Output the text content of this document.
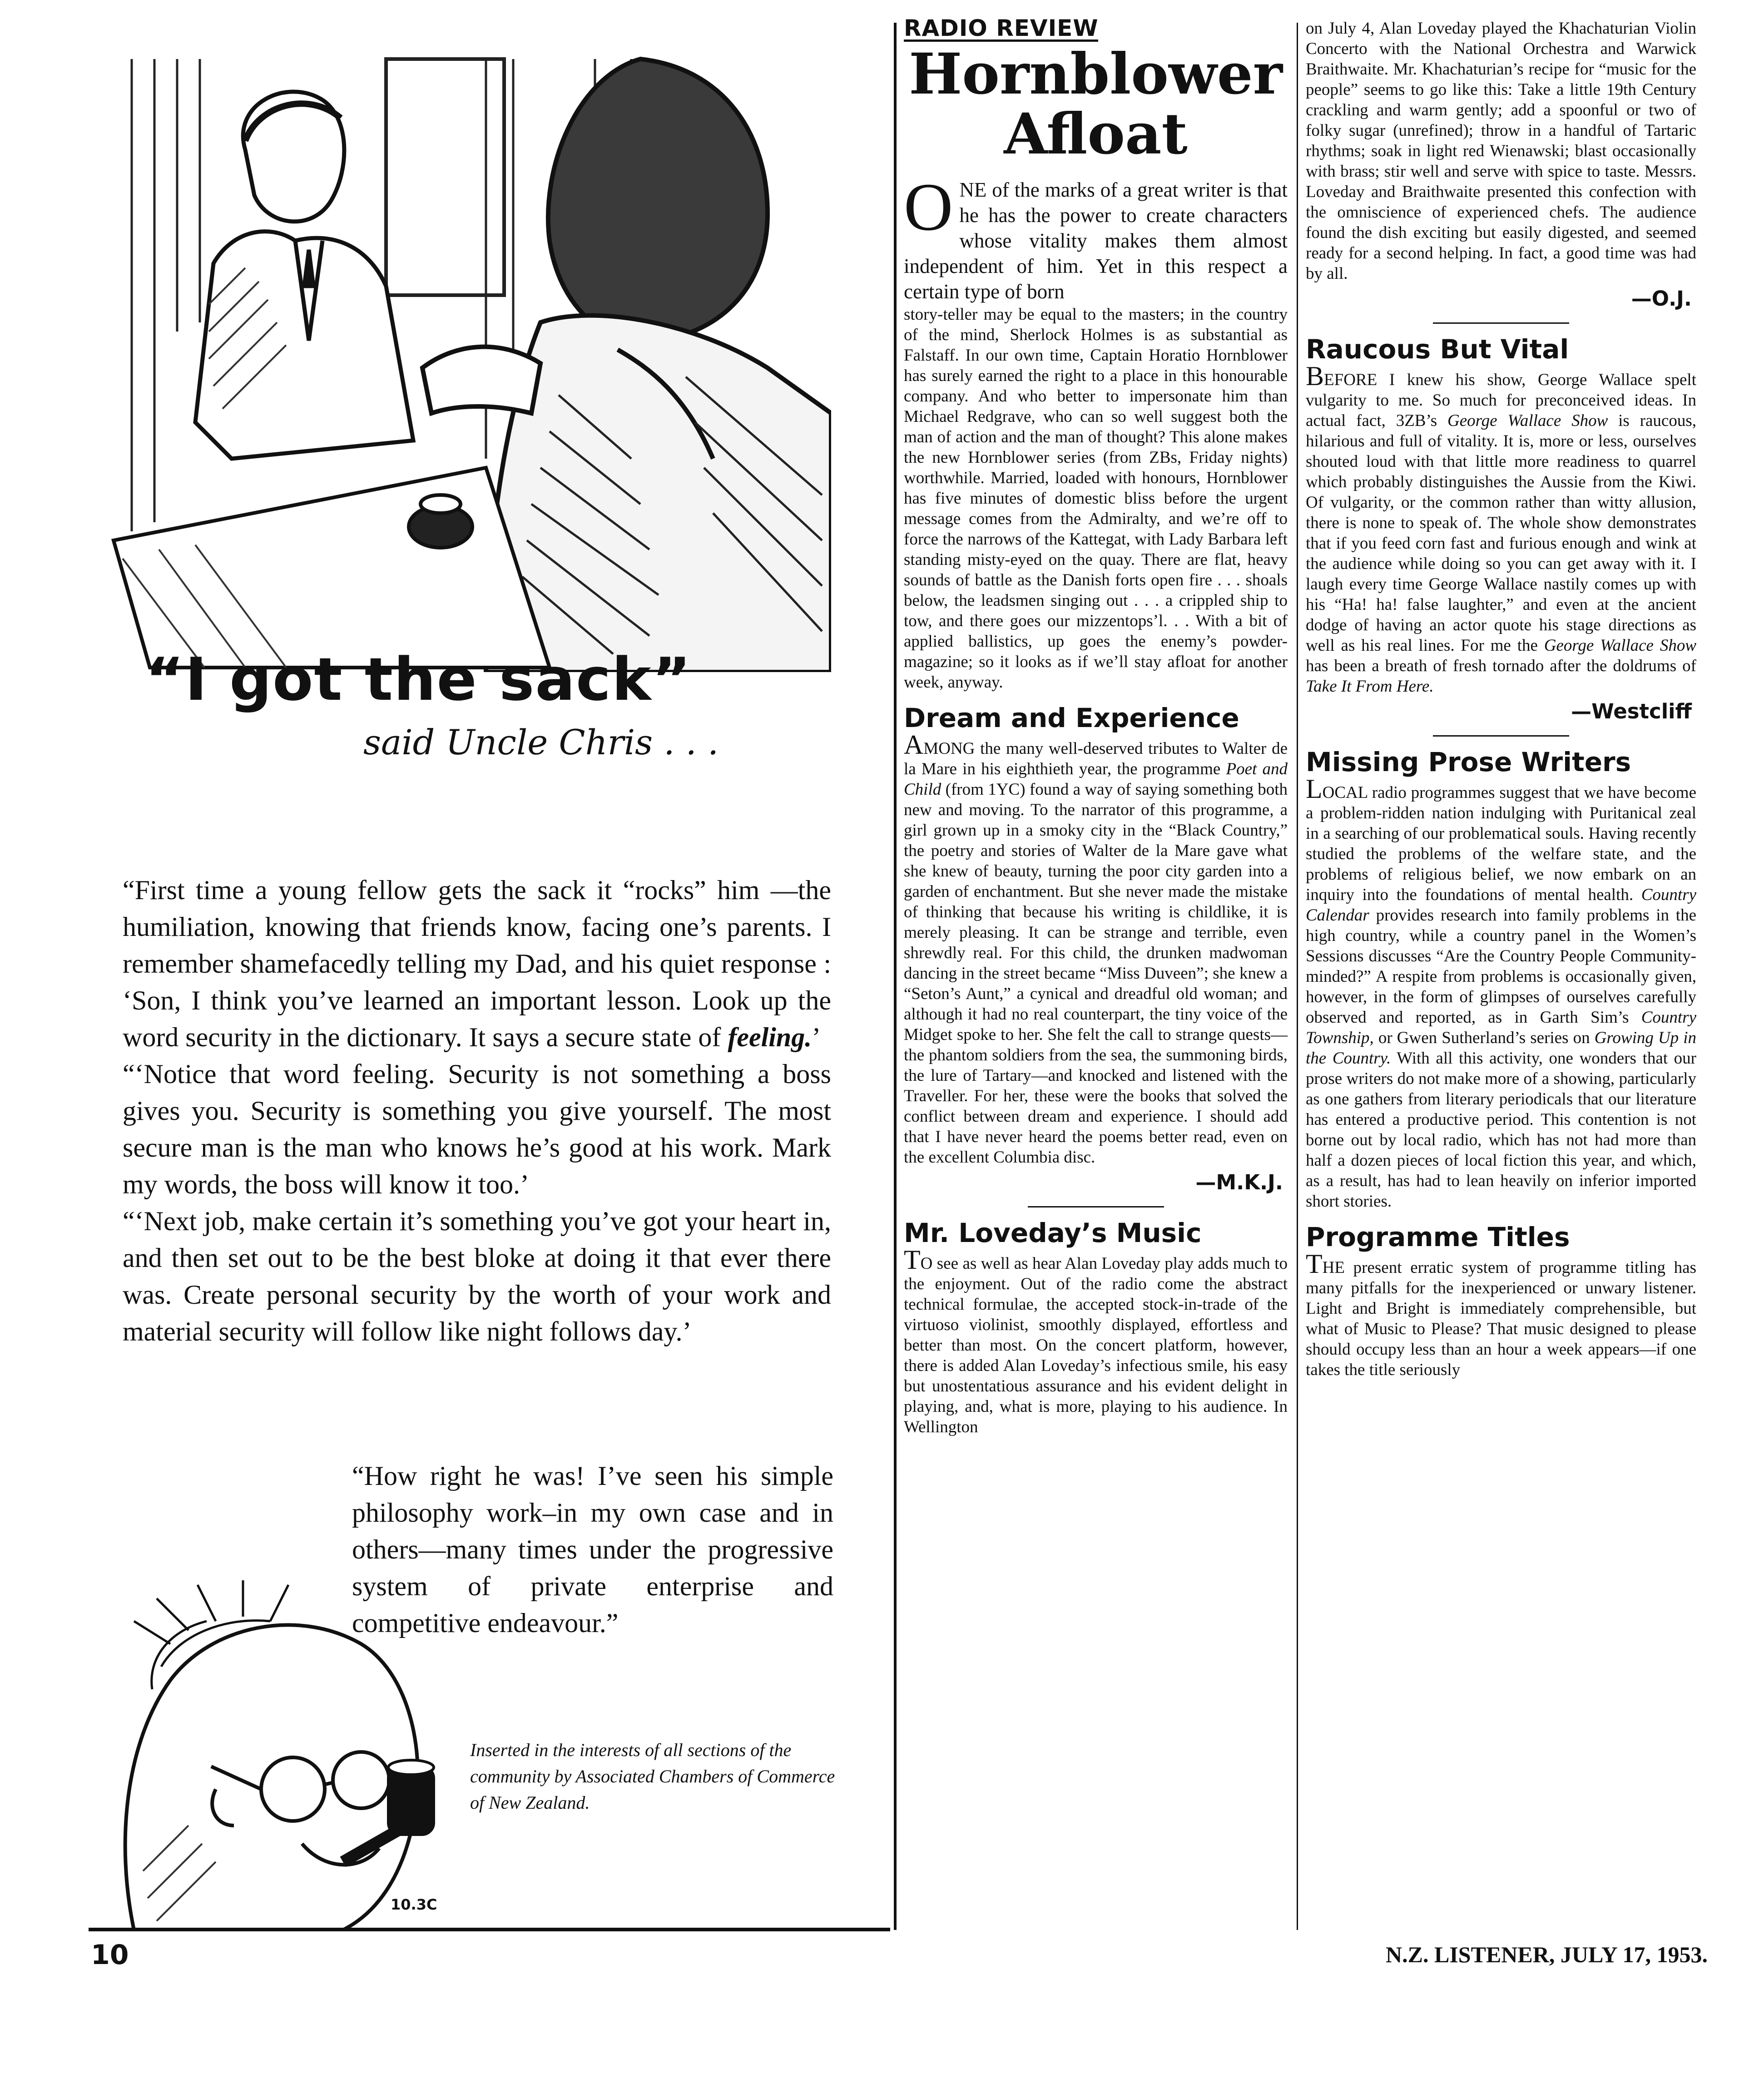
“I got the sack”
said Uncle Chris . . .

“First time a young fellow gets the sack it “rocks” him —the humiliation, knowing that friends know, facing one’s parents. I remember shamefacedly telling my Dad, and his quiet response : ‘Son, I think you’ve learned an important lesson. Look up the word security in the dictionary. It says a secure state of feeling.’

“‘Notice that word feeling. Security is not something a boss gives you. Security is something you give yourself. The most secure man is the man who knows he’s good at his work. Mark my words, the boss will know it too.’

“‘Next job, make certain it’s something you’ve got your heart in, and then set out to be the best bloke at doing it that ever there was. Create personal security by the worth of your work and material security will follow like night follows day.’

“How right he was! I’ve seen his simple philosophy work–in my own case and in others—many times under the progressive system of private enterprise and competitive endeavour.”

Inserted in the interests of all sections of the community by Associated Chambers of Commerce of New Zealand.
10.3C
RADIO REVIEW
Hornblower Afloat

ONE of the marks of a great writer is that he has the power to create characters whose vitality makes them almost independent of him. Yet in this respect a certain type of born

story-teller may be equal to the masters; in the country of the mind, Sherlock Holmes is as substantial as Falstaff. In our own time, Captain Horatio Hornblower has surely earned the right to a place in this honourable company. And who better to impersonate him than Michael Redgrave, who can so well suggest both the man of action and the man of thought? This alone makes the new Hornblower series (from ZBs, Friday nights) worthwhile. Married, loaded with honours, Hornblower has five minutes of domestic bliss before the urgent message comes from the Admiralty, and we’re off to force the narrows of the Kattegat, with Lady Barbara left standing misty-eyed on the quay. There are flat, heavy sounds of battle as the Danish forts open fire . . . shoals below, the leadsmen singing out . . . a crippled ship to tow, and there goes our mizzentops’l. . . With a bit of applied ballistics, up goes the enemy’s powder-magazine; so it looks as if we’ll stay afloat for another week, anyway.

Dream and Experience

AMONG the many well-deserved tributes to Walter de la Mare in his eighthieth year, the programme Poet and Child (from 1YC) found a way of saying something both new and moving. To the narrator of this programme, a girl grown up in a smoky city in the “Black Country,” the poetry and stories of Walter de la Mare gave what she knew of beauty, turning the poor city garden into a garden of enchantment. But she never made the mistake of thinking that because his writing is childlike, it is merely pleasing. It can be strange and terrible, even shrewdly real. For this child, the drunken madwoman dancing in the street became “Miss Duveen”; she knew a “Seton’s Aunt,” a cynical and dreadful old woman; and although it had no real counterpart, the tiny voice of the Midget spoke to her. She felt the call to strange quests—the phantom soldiers from the sea, the summoning birds, the lure of Tartary—and knocked and listened with the Traveller. For her, these were the books that solved the conflict between dream and experience. I should add that I have never heard the poems better read, even on the excellent Columbia disc.

—M.K.J.
Mr. Loveday’s Music

TO see as well as hear Alan Loveday play adds much to the enjoyment. Out of the radio come the abstract technical formulae, the accepted stock-in-trade of the virtuoso violinist, smoothly displayed, effortless and better than most. On the concert platform, however, there is added Alan Loveday’s infectious smile, his easy but unostentatious assurance and his evident delight in playing, and, what is more, playing to his audience. In Wellington

on July 4, Alan Loveday played the Khachaturian Violin Concerto with the National Orchestra and Warwick Braithwaite. Mr. Khachaturian’s recipe for “music for the people” seems to go like this: Take a little 19th Century crackling and warm gently; add a spoonful or two of folky sugar (unrefined); throw in a handful of Tartaric rhythms; soak in light red Wienawski; blast occasionally with brass; stir well and serve with spice to taste. Messrs. Loveday and Braithwaite presented this confection with the omniscience of experienced chefs. The audience found the dish exciting but easily digested, and seemed ready for a second helping. In fact, a good time was had by all.

—O.J.
Raucous But Vital

BEFORE I knew his show, George Wallace spelt vulgarity to me. So much for preconceived ideas. In actual fact, 3ZB’s George Wallace Show is raucous, hilarious and full of vitality. It is, more or less, ourselves shouted loud with that little more readiness to quarrel which probably distinguishes the Aussie from the Kiwi. Of vulgarity, or the common rather than witty allusion, there is none to speak of. The whole show demonstrates that if you feed corn fast and furious enough and wink at the audience while doing so you can get away with it. I laugh every time George Wallace nastily comes up with his “Ha! ha! false laughter,” and even at the ancient dodge of having an actor quote his stage directions as well as his real lines. For me the George Wallace Show has been a breath of fresh tornado after the doldrums of Take It From Here.

—Westcliff
Missing Prose Writers

LOCAL radio programmes suggest that we have become a problem-ridden nation indulging with Puritanical zeal in a searching of our problematical souls. Having recently studied the problems of the welfare state, and the problems of religious belief, we now embark on an inquiry into the foundations of mental health. Country Calendar provides research into family problems in the high country, while a country panel in the Women’s Sessions discusses “Are the Country People Community-minded?” A respite from problems is occasionally given, however, in the form of glimpses of ourselves carefully observed and reported, as in Garth Sim’s Country Township, or Gwen Sutherland’s series on Growing Up in the Country. With all this activity, one wonders that our prose writers do not make more of a showing, particularly as one gathers from literary periodicals that our literature has entered a productive period. This contention is not borne out by local radio, which has not had more than half a dozen pieces of local fiction this year, and which, as a result, has had to lean heavily on inferior imported short stories.

Programme Titles

THE present erratic system of programme titling has many pitfalls for the inexperienced or unwary listener. Light and Bright is immediately comprehensible, but what of Music to Please? That music designed to please should occupy less than an hour a week appears—if one takes the title seriously

10	N.Z. LISTENER, JULY 17, 1953.
